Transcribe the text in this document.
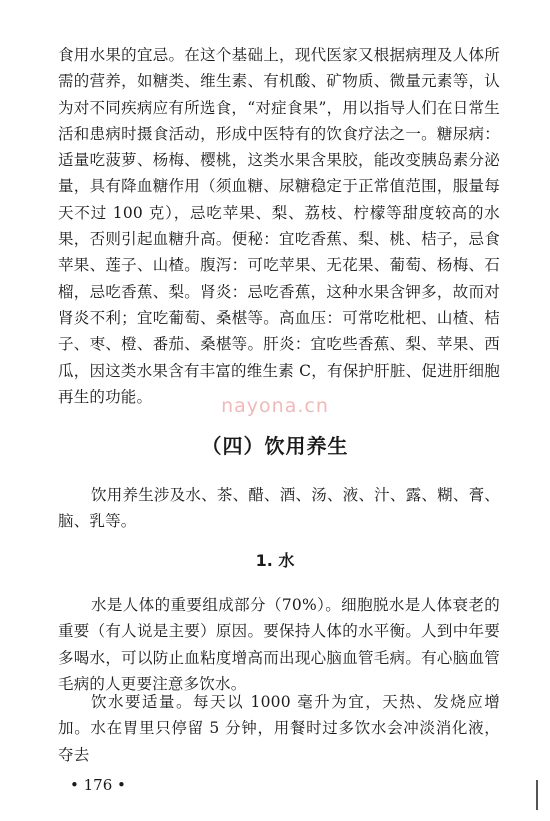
食用水果的宜忌。在这个基础上，现代医家又根据病理及人体所需的营养，如糖类、维生素、有机酸、矿物质、微量元素等，认为对不同疾病应有所选食，“对症食果”，用以指导人们在日常生活和患病时摄食活动，形成中医特有的饮食疗法之一。糖尿病：适量吃菠萝、杨梅、樱桃，这类水果含果胶，能改变胰岛素分泌量，具有降血糖作用（须血糖、尿糖稳定于正常值范围，服量每天不过 100 克），忌吃苹果、梨、荔枝、柠檬等甜度较高的水果，否则引起血糖升高。便秘：宜吃香蕉、梨、桃、桔子，忌食苹果、莲子、山楂。腹泻：可吃苹果、无花果、葡萄、杨梅、石榴，忌吃香蕉、梨。肾炎：忌吃香蕉，这种水果含钾多，故而对肾炎不利；宜吃葡萄、桑椹等。高血压：可常吃枇杷、山楂、桔子、枣、橙、番茄、桑椹等。肝炎：宜吃些香蕉、梨、苹果、西瓜，因这类水果含有丰富的维生素 C，有保护肝脏、促进肝细胞再生的功能。	nayona.cn

（四）饮用养生

饮用养生涉及水、茶、醋、酒、汤、液、汁、露、糊、膏、脑、乳等。

1. 水

水是人体的重要组成部分（70%）。细胞脱水是人体衰老的重要（有人说是主要）原因。要保持人体的水平衡。人到中年要多喝水，可以防止血粘度增高而出现心脑血管毛病。有心脑血管毛病的人更要注意多饮水。

饮水要适量。每天以 1000 毫升为宜，天热、发烧应增加。水在胃里只停留 5 分钟，用餐时过多饮水会冲淡消化液，夺去

• 176 •
